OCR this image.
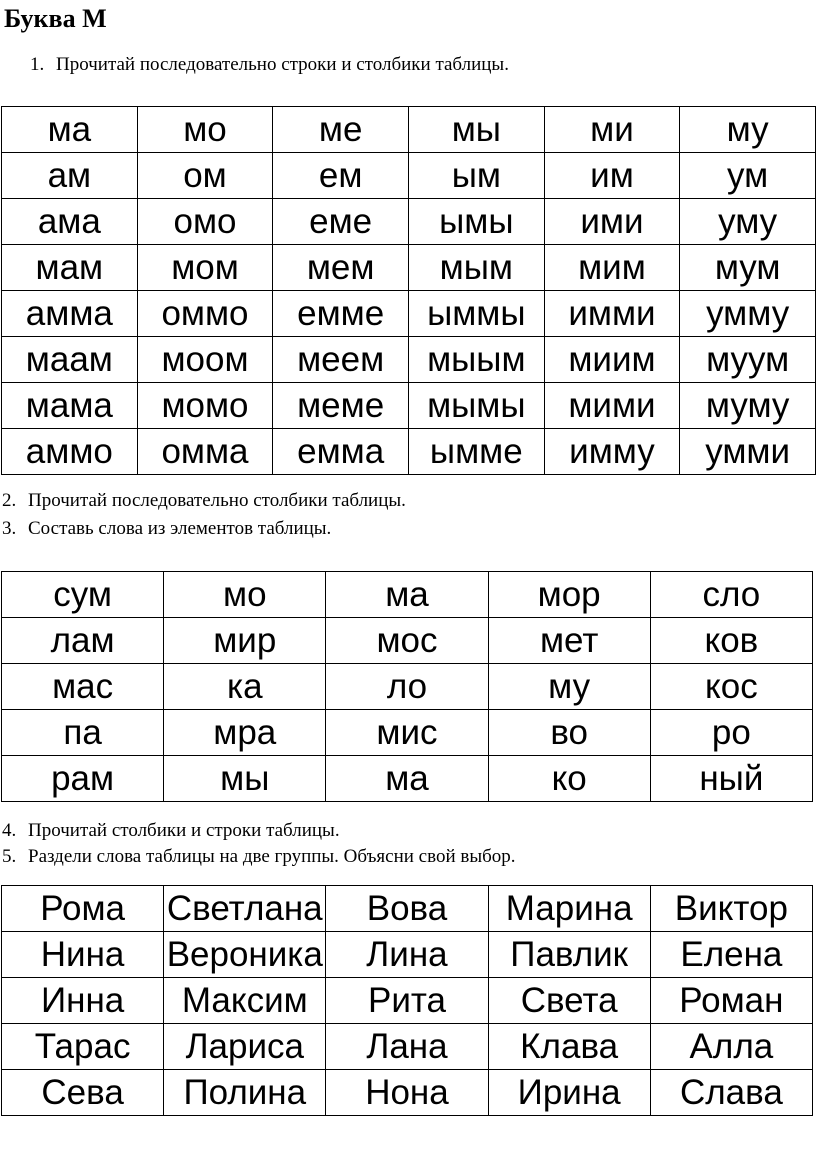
Буква М
1. Прочитай последовательно строки и столбики таблицы.
ма	мо	ме	мы	ми	му
ам	ом	ем	ым	им	ум
ама	омо	еме	ымы	ими	уму
мам	мом	мем	мым	мим	мум
амма	оммо	емме	ыммы	имми	умму
маам	моом	меем	мыым	миим	муум
мама	момо	меме	мымы	мими	муму
аммо	омма	емма	ымме	имму	умми
2. Прочитай последовательно столбики таблицы.
3. Составь слова из элементов таблицы.
сум	мо	ма	мор	сло
лам	мир	мос	мет	ков
мас	ка	ло	му	кос
па	мра	мис	во	ро
рам	мы	ма	ко	ный
4. Прочитай столбики и строки таблицы.
5. Раздели слова таблицы на две группы. Объясни свой выбор.
Рома	Светлана	Вова	Марина	Виктор
Нина	Вероника	Лина	Павлик	Елена
Инна	Максим	Рита	Света	Роман
Тарас	Лариса	Лана	Клава	Алла
Сева	Полина	Нона	Ирина	Слава
